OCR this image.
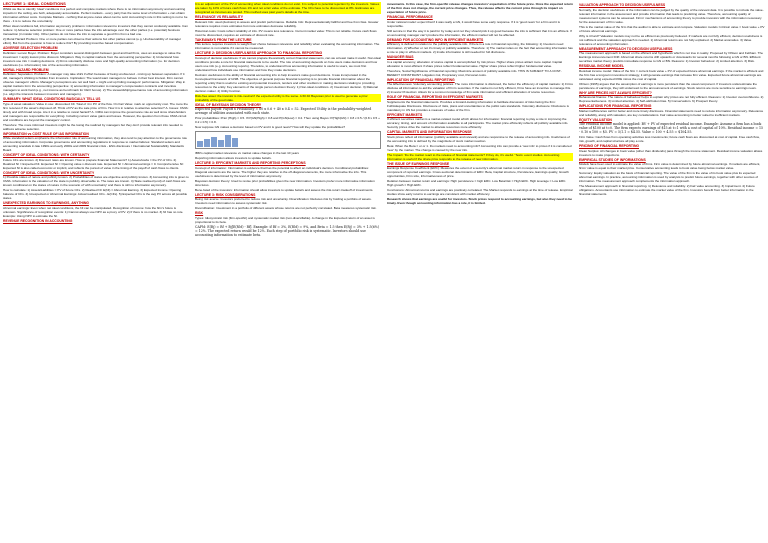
LECTURE 1: IDEAL CONDITIONS

Whilst we like to identify 'ideal' conditions in a perfect and complete markets where there is no information asymmetry and accounting impacts in the ceiling, are both, adequately accountable. Perfect markets - every party has the same level of information + can obtain information without costs. Complete Markets - nothing that anyone cares about can be sold. Accounting's role in this setting is not to be there - it is to reduce the uncertainty.

When ideal conditions fail, information asymmetry problems: information relevant to investors that they cannot costlessly available. Can reduce: 1) Adverse selection problem: One or more parties have the info advantage over the other parties (i.e. potential) business transaction (in insider info). Other parties do not have the info to separate a good firm from a bad one.

2) Moral Hazard Problem: One or more parties can observe their actions but other parties cannot (e.g. Unobservability of manager effort). But from the question is how to reduce this? By providing incentive based compensation.

ADVERSE SELECTION PROBLEM

Definition: Lemon Buyer. Problem: Buyer considers several distinguish between good and bad firms, uses an average to value the investment = apply lowest price discount. Mitigation: Way in capital markets from the accounting perspective: 1) Understand how investors use info = making decisions. 2) Firms voluntarily disclose more and high-quality accounting information (i.e. for decision usefulness (i.e. information) role of the accounting information.

MORAL HAZARD PROBLEM

Definition: Separation. Problem: A manager may take shirk if effort because of being unobserved - mixing up between separation. If it did, manager's shirking is hidden from investors. Implication: The would want managers to behave in their best interest. Firm cannot observe managers' efforts. Manager's perceptions are not well hard + might end up hiding managers' performance. Mitigation: Way in capital markets form the accounting perspective: 1) accounting information to manager's compensation contracts and incentive managers to work hard (e.g., net income as benchmark for CEO bonus). 2) The stewardship/governance role of accounting information (i.e. align the interests between investors and managers).

SUMMARY: WHAT IDEAL CONDITIONS BASICALLY TELL US

Type of asset valuation: Value in use: discounted CF. Total of 4 in PV of the flow. On Fair Value: mark on opportunity cost. The more the firm receives if the asset's disposed off. Think of PV as the sale price of firm. How it is in relative to attentive selection? A. Issues: CMIA: timely and with broad scope. Are it in a relative to moral hazard? A. CMIA can improve the governance role as well since shareholders and managers are responsible for everything. Including current value gains and losses. However, the question from those CMIA circuit and conditions are beyond the managers' control.

Therefore: The more informed investors might be the losing the realized by managers but they don't provide relevant info needed to address adverse selection.

INFORMATION vs COST RULE OF IAS INFORMATION

While standard setters emphasize the information role of accounting information, they also tend to pay attention to the governance role of accounting information. Corporate governance and accounting regulations in response to market failures: Standard setters and accounting scandals in late 1990s and early 2000s and 2009 financial crisis - ESG disclosure / International Sustainability Standards Board.

CONCEPT OF IDEAL CONDITIONS: WITH CERTAINTY

Future CFs are known. 2) Discount rates are known. How to prepare financial Statements? 1) Assets/Liabs = the PV of CFs. 2) Realized NI = Expected NI. Expected NI = Opening value x discount rate. Expected NI = Abnormal earnings = 0. Comprehensive NI: Expected NI is also called economic or implicit, and reflects the pursuit of value in the timing of the payoff of cash flows to clients.

CONCEPT OF IDEAL CONDITIONS: WITH UNCERTAINTY

1) Possible states of nature and publicly known. 2) Probabilities of states are objective and publicly known. 3) Accounting info is given to CMIA. Information is the valuation of the state is publicly observable to. The rates are known. 4) State realised (end) of cash flows are known conditional on the states of nature in the scenario of 'with uncertainty' and there is still no information asymmetry.

How to calculate: 1) Assets/Liabilities = PV of future CFs. 2) Realised NI: E(NI) = Abnormal Earning. 3) Expected Income: Opening balance of CFs. 4) Unexpected or Abnormal Earnings: Actual realised CFs - E(CFs). 5) Expected CFs is the avg PV across all possible states.

UNEXPECTED EARNINGS TO EARNINGS, ANYTHING

Abnormal earnings: Even when net ideal conditions, the NI can be manipulated. Recognition of income: how the firm's future is unknown. Significance of recognition events: 1) Cannot always use NPV as a proxy of PV. 2) If there is no market. 3) NI has no role. Example: Using NPV to estimate the NI.

REVENUE RECOGNITION IN ACCOUNTING

It is an adjustment of the PV of accounting when ideal conditions do not exist. It is subject to potential rejection by the investors. Values are taken by 10% of future cash flows 1% and not a fair value of the estimate. The CFs have to be discounted at 8%. Estimates are recognized as incomes are posted. This method uses past year's details at the time.

RELEVANCE VS RELIABILITY

Relevant Info: used (decision) to assess and predict performance. Reliable Info: Representationally faithful and free from bias. Greater relevance requires more estimates but more estimates decrease reliability.

Historical costs: Costs reflect reliability of info. PV means less relevance. Current market value: This is not reliable. Future cash flows must be discounted, requires an estimate of discount rate.

TAKEAWAYS FROM THE LECTURE

This lecture requires investors to weight their choice between relevance and reliability when evaluating the accounting information. The information is not reliable if it cannot be measured.

LECTURE 2: DECISION USEFULNESS APPROACH TO FINANCIAL REPORTING

Concept of decision usefulness: If we cannot prepare theoretically correct financial statements, can we at least make it useful. Non-ideal conditions provide a role for financial statements to be useful. The role of accounting depends on how users make decisions and how users use info (e.g. Accounting reports). Therefore, to understand how accounting information is useful to users, we must first understand how individuals use information and how they make decisions.

Decision usefulness is the ability of financial accounting info to help investors make good decisions. It was incorporated in the Conceptual Framework of IASB. The objective of general purpose financial reporting is to provide financial information about the reporting entity that is useful to existing and potential investors, lenders and other creditors in making decisions relating to providing resources to the entity. Key elements of the single person decision theory: 1) Non-ideal conditions. 2) Investment decision. 3) Rational decision maker. 4) Utility function.

Risk-free asset: the investor is risk-neutral if the expected utility is the same. A 60:40 Bayesian prior is used to generate a prior probability of the good state.

IDEAL OF BAYESIAN DECISION THEORY

Expected payoff: Payoff x Probability = 60 x 0.6 + 40 x 0.4 = 52. Expected Utility is the probability-weighted average of utilities associated with each state.

Prior probabilities: Prior (High) = 0.5. If P(GN|High) = 0.8 and P(GN|Low) = 0.2. Then using Bayes: P(High|GN) = 0.8 x 0.5 / (0.8 x 0.5 + 0.2 x 0.5) = 0.8.

Now suppose GN makes a decision based on PV and it is good news? How will they update the probabilities?

IBM's capital market relevance vs market value changes in the last 10 years

Reporting information allows investors to update beliefs.

LECTURE 3: EFFICIENT MARKETS AND REPORTING PERCEPTIONS

Concept of information: Information is evidence that has the potential to affect an individual's decision. Conditional probabilities: Diagonal elements are the same. The higher they are relative to the off-diagonal elements, the more informative the info. This usefulness is determined by the level of information asymmetry.

Bayesian decision theory: Used to revise prior probabilities given the new information. Investors prefer more informative information structures.

Bene-fated of the investors: Information should allow investors to update beliefs and assess the risk-return tradeoff of investments.

LECTURE 3: RISK CONSIDERATIONS

Being risk averse: Investors preferred to reduce risk and uncertainty. Diversification: Reduces risk by holding a portfolio of assets. Investors need information to assess systematic risk.

Diversification: Investment in a portfolio of different assets whose returns are not perfectly correlated. Beta measures systematic risk.

RISK

Types: Idiosyncratic risk (firm-specific) and systematic market risk (non-diversifiable). A change in the Expected return of an asset is proportional to its beta.

CAPM: E(Rj) = Rf + Bj[E(RM) - Rf]. Example: if Rf = 3%, E(RM) = 9%, and Beta = 1.5 then E(Rj) = 3% + 1.5(6%) = 12%. The expected return would be 12%. Each step of portfolio risk is systematic. Investors should use accounting information to estimate beta.

movements. In this case, the firm-specific release changes investors' expectation of the future price. Once the expected return of the firm does not change, the current price changes. Thus, the release affects the current price through its impact on expectation of future price.

FINANCIAL PERFORMANCE

Under rational model: expect that if it was really a GN, it would have some early response. If it is 'good news' for a firm and it is responsible.

Still service in that the way it is paid for by today and not they should pick it up good because the info is sufficient that it is an efficient. If an accounting manager can't produce the information, the efficient market will not be affected.

DEMAND FOR ACCOUNTING INFO IN EFFICIENT MARKETS

Efficiency is defined in relation to the publicly available info. If there is a role in financial reporting, the following: 1) Investors need information. 2) Whether or not it's timely or publicly available. Therefore: 1) The market relies on the fact that accounting information has a role to play in efficient markets. 2) Inside information is still needed for full disclosure.

MANAGER BIAS

In a capital economy, allocation of scarce capital is accomplished by risk prices. Higher share prices attract more capital. Capital allocation is most efficient if share prices reflect fundamental value. Higher share prices reflect higher fundamental value.

Therefore, Social Significance of financial reporting: Maximize amount of publicly available info. THIS IS SUBJECT TO A COST-BENEFIT CONSTRAINT. Litigation risk, Proprietary cost, Personal costs.

IMPLICATION OF FINANCIAL REPORTING

The Effectiveness: Voluntary accounting policies. The more information is disclosed, the better the efficiency of capital markets: 1) Firms disclose all information to aid the valuation of firm's securities. If the market is not fully efficient, firms have an incentive to manage this. 2) Investor Protection: Allows for a common knowledge of firm-wide information and efficient allocation of scarce resources.

ROLE OF FINANCIAL REPORTING IN EFFICIENT MARKETS

Supplements the financial statements. Provides a forward-looking information to facilitate discussion of risks facing the firm: Full/Adequate Disclosure. Disclosure of risks, plans and uncertainties to the public sets standards. Voluntary disclosure: Disclosure is mandatory in US but provides a measure of value of the firm.

EFFICIENT MARKETS

If efficient securities market is a market-related model which allows for information: financial reporting to play a role in improving the accuracy, timing, and amount of information available to all participants. The market price efficiently reflects all publicly available info. Security prices drive the market to allocate resources more efficiently.

CAPITAL MARKETS AND INFORMATION RESPONSE

Stock prices reflect all information (publicly available and relevant) and are responsive to the release of accounting info. Usefulness of the accounting info is defined by the magnitude of stock market reaction.

Beta: When the Beta = or or 1. Do markets react to accounting info? Accounting info can provide a 'new info' to prices if it is considered 'new' by the market. The change is caused by the new info.

The Impact: 'Do the market react to the release of financial statements? If they do, it's useful.' Tests: event studies. Accounting information is useful if the share price responds to the release of new information.

THE ISSUE OF EARNINGS RESPONSE

Earnings Response Coefficient (ERC): Measures the extent of a security's abnormal market return in response to the unexpected component of reported earnings. Cross-sectional determinants of ERC: Beta, Capital structure, Persistence, Earnings quality, Growth opportunities, Firm size, Informativeness of price.

Relation between market return and earnings: High persistence = high ERC. Low Beta/risk = High ERC. High leverage = Low ERC. High growth = High ERC.

Conclusions: Abnormal returns and earnings are positively correlated. The Market responds to earnings at the time of release. Empirical studies show early returns to earnings are consistent with market efficiency.

Research shows that earnings are useful for investors. Stock prices respond to accounting earnings, but also they need to be timely. Even though accounting information has a role, it is limited.

VALUATION APPROACH TO DECISION USEFULNESS

Normally, the decision usefulness of the information can be judged by the quality of the relevant data. It is possible to include the value-relevant information in the assessment and provide information that leads to predicting value. Therefore, accounting quality of measurement systems can be assessed. Firms' mechanisms of accounting theory to provide investors with the information necessary for the assessment of firm value.

This is the market value of the firm that the auditor is able to estimate and compare. Valuation models: Intrinsic value = book value + PV of future abnormal earnings.

Why is it hard? Valuation models may not be as efficient as previously believed. If markets are not fully efficient, decision usefulness is not sufficient and the valuation approach is needed. 1) Abnormal returns are not fully explained. 2) Market anomalies. 3) Value relevance of accounting information.

MEASUREMENT APPROACH TO DECISION USEFULNESS

The measurement approach is based on the efficient and hypothesis which is not true in reality. Proposed by Ohlson and Feltham. The Earnings Announcement Drift: Abnormal share returns drift upwards or downwards for several months following a GN or BN. Efficient securities market theory predicts immediate response to GN or BN. Reasons: 1) Investor behaviour. 2) Limited attention. 3) Risk.

RESIDUAL INCOME MODEL

Residual income model: Value of the firm = current book value + PV of expected future abnormal earnings. If the market is efficient and the firm has a long-term investment strategy, it will generate earnings that increase firm value. Expected future abnormal earnings are calculated using expected ROE minus the cost of capital.

Ohlson (1995) argues that the assumption of earnings is more persistent than the usual component. If investors underestimate the persistence of earnings, they will underreact to the announcement of earnings. Stock returns are more sensitive to earnings news.

WHY ARE PRICES NOT ALWAYS EFFICIENT?

Behavioural finance: The nature of behaviour helps to explain why prices are not fully efficient. Reasons: 1) Investor overconfidence. 2) Representativeness. 3) Limited attention. 4) Self-attribution bias. 5) Conservatism. 6) Prospect theory.

IMPLICATIONS FOR FINANCIAL REPORTING

Market inefficiencies call for better and more timely disclosure. Financial statements need to reduce information asymmetry. Relevance and reliability, along with valuation, are key considerations. Fair value accounting is better suited to inefficient markets.

EQUITY VALUATION

The residual income model is applied: BV + PV of expected residual income. Example: Assume a firm has a book value of $100 at t=0. The firm expects earnings of $15 at t=1 with a cost of capital of 10%. Residual income = 15 - 0.10 x 100 = $5. PV = 5/1.1 = $4.55. Value = 100 + 4.55 = $104.55.

Firm Value: Cash flows from operating activities less investments; future cash flows are discounted at cost of capital. Free cash flow, risk, growth, and capital structure all play a role.

PRICING OF FINANCIAL REPORTING

Clean Surplus: All changes in book value (other than dividends) pass through the income statement. Residual income valuation allows investors to make projections.

EMPIRICAL STUDIES OF INFORMATIONS

Models have been used to estimate the value of firms. Firm value is determined by future abnormal earnings. If markets are efficient, firms' value is equal to their market price. Conservative accounting leads to book value being below market value.

Summary: Equity valuation as the basis of financial reporting. The value of the firm is the value of its book value plus its expected abnormal earnings. In practice, accounting information is used by analysts to predict future earnings, together with other sources of information. The measurement approach complements the information approach.

The Measurement approach in financial reporting. 1) Relevance and reliability. 2) Fair value accounting. 3) Impairment. 4) Future obligations. Accountants use information to estimate the market value of the firm. Investors benefit from better information in the financial statements.
